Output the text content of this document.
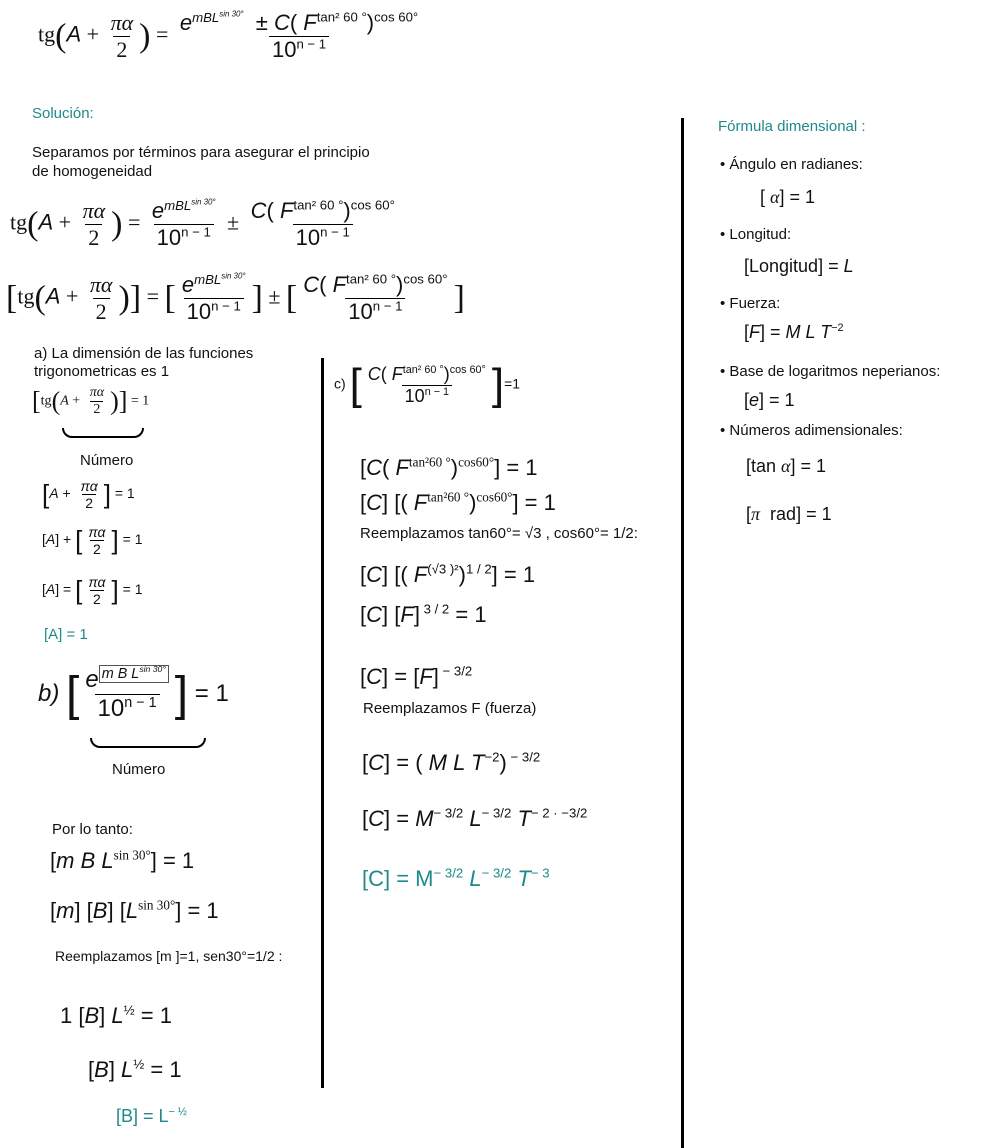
$tg(A + \frac{\pi\alpha}{2}$ ) = $\frac{e^{mBL^{sin 30^\circ}} \pm C( F^{tan^2 60 ^\circ})^{cos 60^\circ}}{10^{n - 1}}$
Solución:
Separamos por términos para asegurar el principio
de homogeneidad
$tg(A + \frac{\pi\alpha}{2}$ ) = $\frac{e^{mBL^{sin 30^\circ}}}{10^{n - 1}} \pm \frac{C( F^{tan^2 60 ^\circ})^{cos 60^\circ}}{10^{n - 1}}$
[$tg(A + \frac{\pi\alpha}{2}$ )] = [ $\frac{e^{mBL^{sin 30^\circ}}}{10^{n - 1}}$ ] ± [ $\frac{C( F^{tan^2 60 ^\circ})^{cos 60^\circ}}{10^{n - 1}}$ ]
a) La dimensión de las funciones
trigonometricas es 1
[$tg(A + \frac{\pi\alpha}{2}$ )] = 1
Número
[$A + \frac{\pi\alpha}{2}$ ] = 1
[A] + [ $\frac{\pi\alpha}{2}$ ] = 1
[A] = [ $\frac{\pi\alpha}{2}$ ] = 1
[A] = 1
b) [ $\frac{e ^{m B L^{sin 30^\circ}}}{10^{n - 1}}$ ] = 1
Número
Por lo tanto:
[m B $L^{sin 30^\circ}] = 1$
[m] [B] $[L^{sin 30^\circ}] = 1$
Reemplazamos [m ]=1, sen30°=1/2 :
1 [B] $L^{\frac{1}{2}} = 1$
[B] $L^{\frac{1}{2}} = 1$
$[B] = L^{- \frac{1}{2}}$
c) [ $\frac{C( F^{tan^2 60 ^\circ})^{cos 60^\circ}}{10^{n - 1}} ]=1$
[C( $F^{tan^260 ^\circ})^{cos60^\circ}] = 1$
[C] [( $F^{tan^260 ^\circ})^{cos60^\circ}] = 1$
Reemplazamos tan60°= √3 , cos60°= 1/2:
[C] [( $F^{(√3 )^2})^{1 / 2}] = 1$
[C] [F] $^{3 / 2}$ = 1
[C] = [F] $^{- 3/2}$
Reemplazamos F (fuerza)
[C] = ( M L $T^{-2}$) $^{- 3/2}$
$[C] = M^{- 3/2}$ $L^{- 3/2}$ $T^{- 2 \cdot -3/2}$
$[C] = M^{- 3/2}$ $L^{- 3/2}$ $T^{- 3}$
Fórmula dimensional :
• Ángulo en radianes:
[ α] = 1
• Longitud:
[Longitud] = L
• Fuerza:
[F] = M L $T^{-2}$
• Base de logaritmos neperianos:
[e] = 1
• Números adimensionales:
[tan α] = 1
[π  rad] = 1
